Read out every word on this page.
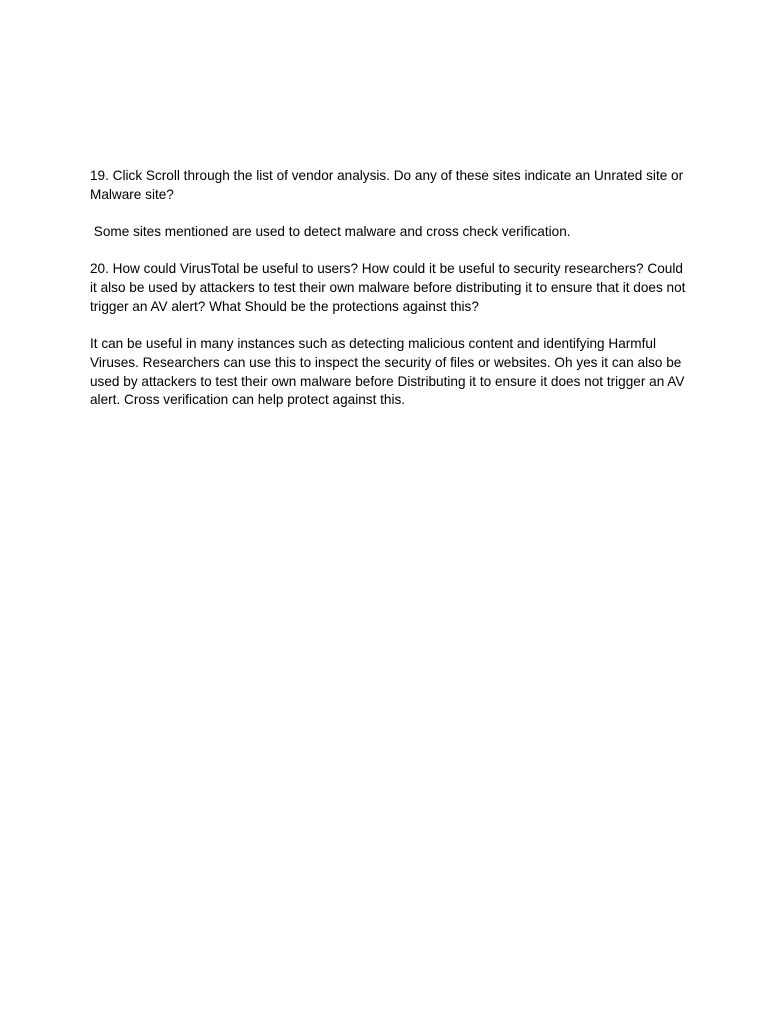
19. Click Scroll through the list of vendor analysis. Do any of these sites indicate an Unrated site or Malware site?

Some sites mentioned are used to detect malware and cross check verification.

20. How could VirusTotal be useful to users? How could it be useful to security researchers? Could it also be used by attackers to test their own malware before distributing it to ensure that it does not trigger an AV alert? What Should be the protections against this?

It can be useful in many instances such as detecting malicious content and identifying Harmful Viruses. Researchers can use this to inspect the security of files or websites. Oh yes it can also be used by attackers to test their own malware before Distributing it to ensure it does not trigger an AV alert. Cross verification can help protect against this.
